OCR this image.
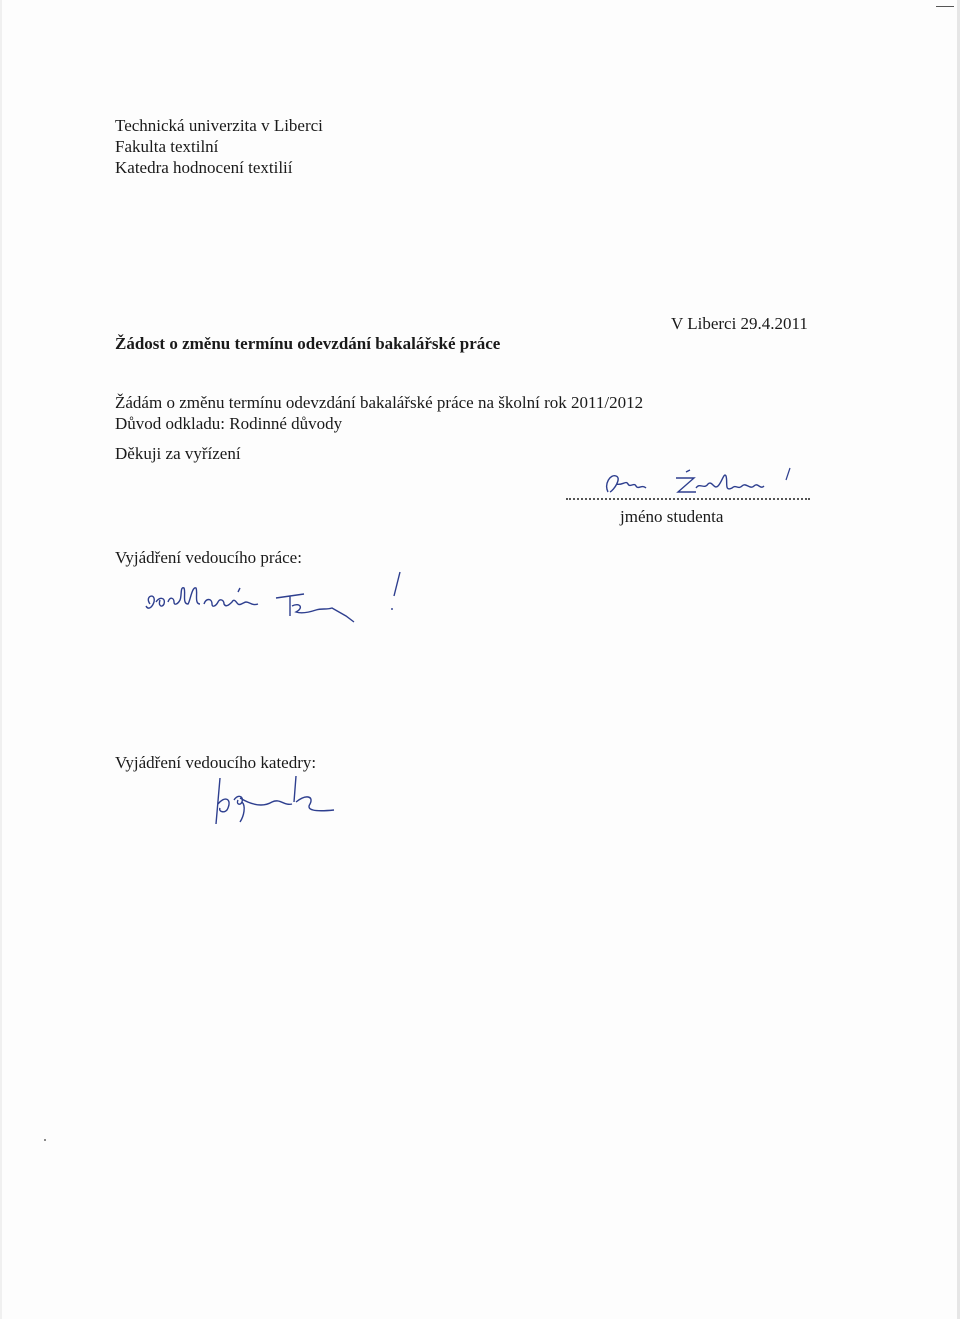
Technická univerzita v Liberci
Fakulta textilní
Katedra hodnocení textilií
Žádost o změnu termínu odevzdání bakalářské práce
V Liberci 29.4.2011
Žádám o změnu termínu odevzdání bakalářské práce na školní rok 2011/2012
Důvod odkladu: Rodinné důvody
Děkuji za vyřízení
jméno studenta
Vyjádření vedoucího práce:
Vyjádření vedoucího katedry:
